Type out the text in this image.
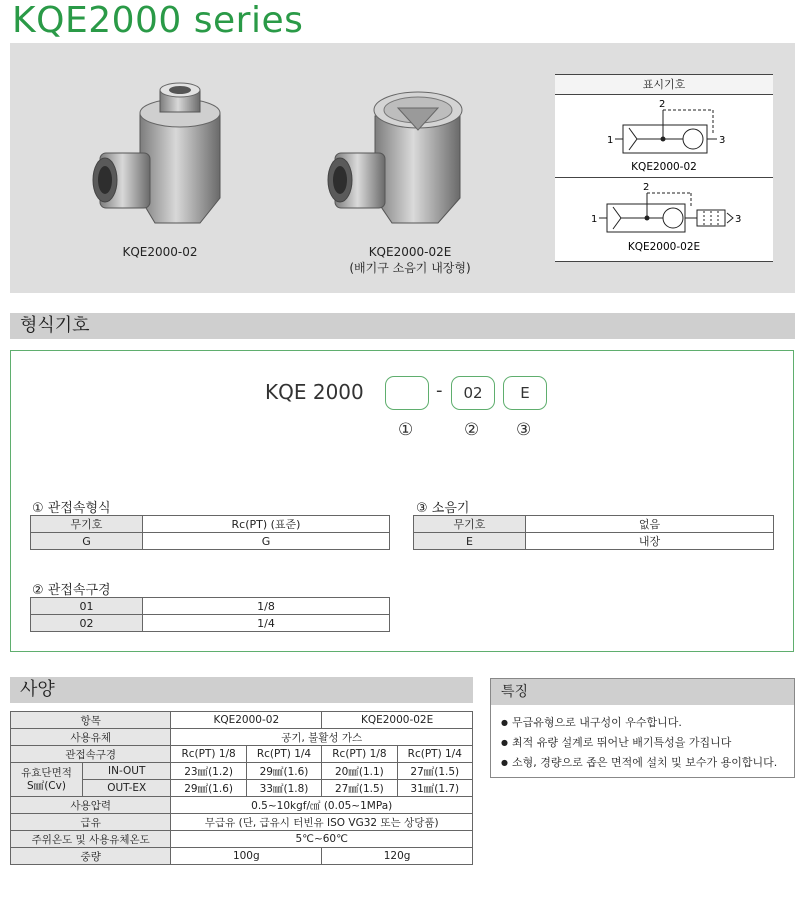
KQE2000 series
KQE2000-02	KQE2000-02E
(배기구 소음기 내장형)
표시기호
2
1	3
KQE2000-02
2
1	3
KQE2000-02E
형식기호
KQE 2000	-	02	E
①	② ③
① 관접속형식
무기호	Rc(PT) (표준)
G	G
③ 소음기
무기호	없음
E	내장
② 관접속구경
01	1/8
02	1/4
사양
항목		KQE2000-02		KQE2000-02E	
사용유체		공기, 불활성 가스			
관접속구경		Rc(PT) 1/8	Rc(PT) 1/4	Rc(PT) 1/8	Rc(PT) 1/4

유효단면적
S㎟(Cv)	IN-OUT	23㎟(1.2)	29㎟(1.6)	20㎟(1.1)	27㎟(1.5)
	OUT-EX	29㎟(1.6)	33㎟(1.8)	27㎟(1.5)	31㎟(1.7)
사용압력		0.5~10kgf/㎠ (0.05~1MPa)			
급유		무급유 (단, 급유시 터빈유 ISO VG32 또는 상당품)			
주위온도 및 사용유체온도		5℃~60℃			
중량		100g		120g	
특징
● 무급유형으로 내구성이 우수합니다.
● 최적 유량 설계로 뛰어난 배기특성을 가집니다
● 소형, 경량으로 좁은 면적에 설치 및 보수가 용이합니다.
